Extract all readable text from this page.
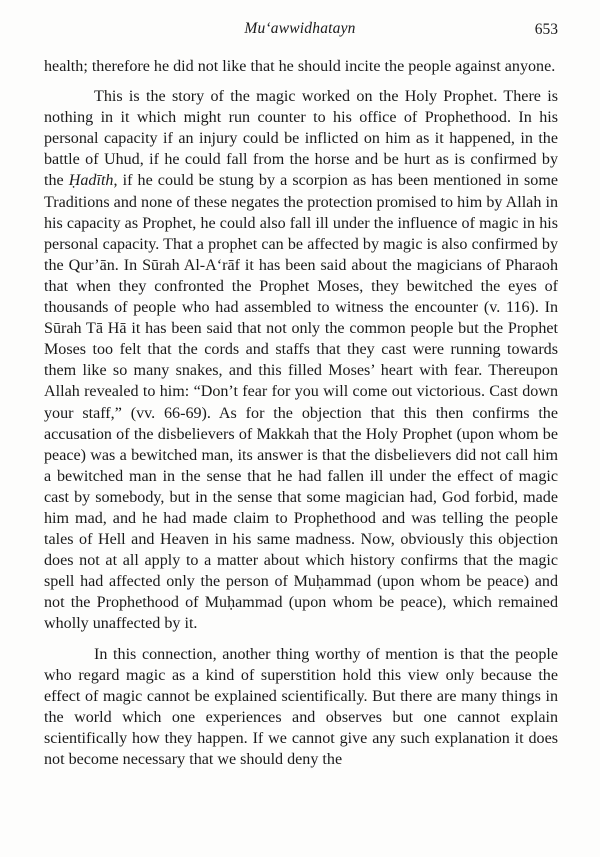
Mu‘awwidhatayn	653

health; therefore he did not like that he should incite the people against anyone.

This is the story of the magic worked on the Holy Prophet. There is nothing in it which might run counter to his office of Prophethood. In his personal capacity if an injury could be inflicted on him as it happened, in the battle of Uhud, if he could fall from the horse and be hurt as is confirmed by the Ḥadīth, if he could be stung by a scorpion as has been mentioned in some Traditions and none of these negates the protection promised to him by Allah in his capacity as Prophet, he could also fall ill under the influence of magic in his personal capacity. That a prophet can be affected by magic is also confirmed by the Qur’ān. In Sūrah Al-A‘rāf it has been said about the magicians of Pharaoh that when they confronted the Prophet Moses, they bewitched the eyes of thousands of people who had assembled to witness the encounter (v. 116). In Sūrah Tā Hā it has been said that not only the common people but the Prophet Moses too felt that the cords and staffs that they cast were running towards them like so many snakes, and this filled Moses’ heart with fear. Thereupon Allah revealed to him: “Don’t fear for you will come out victorious. Cast down your staff,” (vv. 66-69). As for the objection that this then confirms the accusation of the disbelievers of Makkah that the Holy Prophet (upon whom be peace) was a bewitched man, its answer is that the disbelievers did not call him a bewitched man in the sense that he had fallen ill under the effect of magic cast by somebody, but in the sense that some magician had, God forbid, made him mad, and he had made claim to Prophethood and was telling the people tales of Hell and Heaven in his same madness. Now, obviously this objection does not at all apply to a matter about which history confirms that the magic spell had affected only the person of Muḥammad (upon whom be peace) and not the Prophethood of Muḥammad (upon whom be peace), which remained wholly unaffected by it.

In this connection, another thing worthy of mention is that the people who regard magic as a kind of superstition hold this view only because the effect of magic cannot be explained scientifically. But there are many things in the world which one experiences and observes but one cannot explain scientifically how they happen. If we cannot give any such explanation it does not become necessary that we should deny the
